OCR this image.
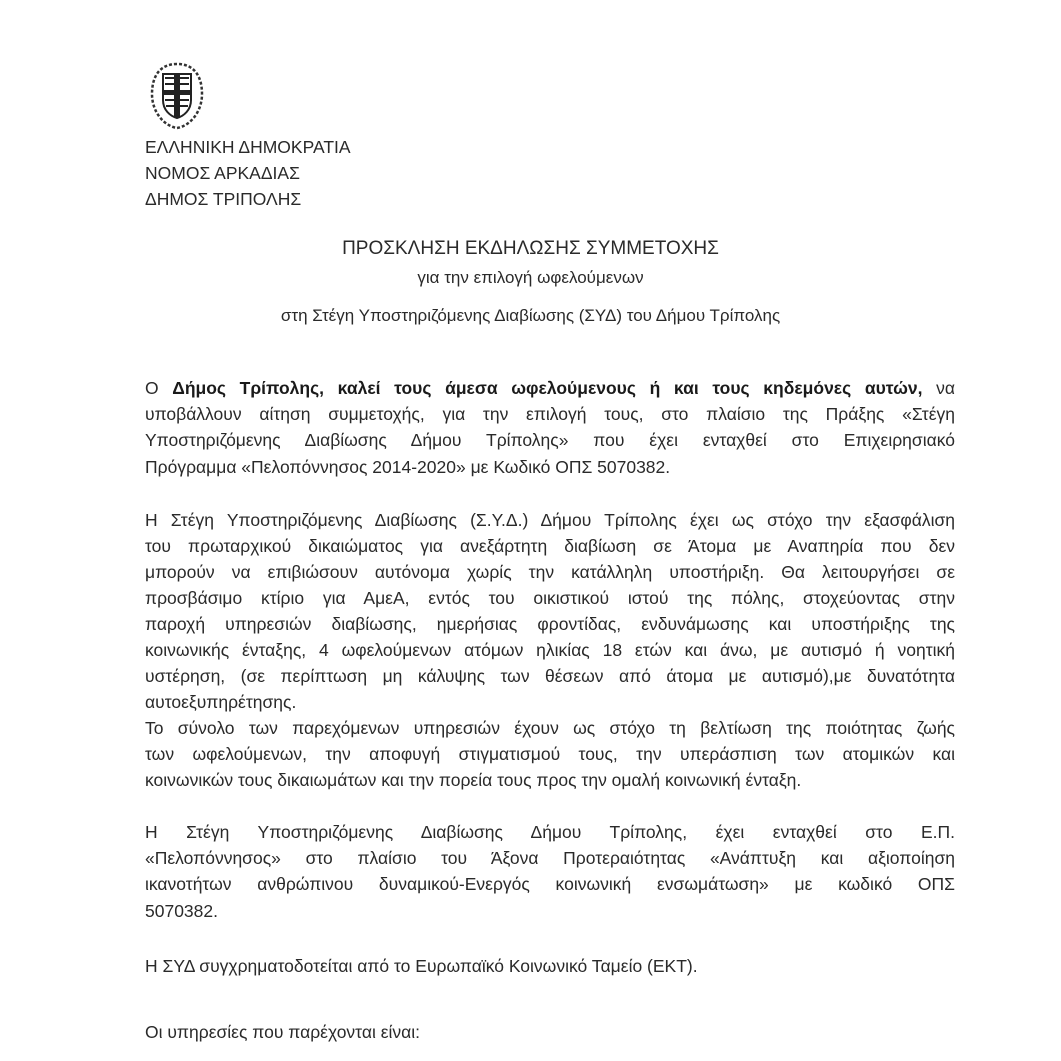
ΕΛΛΗΝΙΚΗ ΔΗΜΟΚΡΑΤΙΑ
ΝΟΜΟΣ ΑΡΚΑΔΙΑΣ
ΔΗΜΟΣ ΤΡΙΠΟΛΗΣ
ΠΡΟΣΚΛΗΣΗ ΕΚΔΗΛΩΣΗΣ ΣΥΜΜΕΤΟΧΗΣ
για την επιλογή ωφελούμενων
στη Στέγη Υποστηριζόμενης Διαβίωσης (ΣΥΔ) του Δήμου Τρίπολης
Ο Δήμος Τρίπολης, καλεί τους άμεσα ωφελούμενους ή και τους κηδεμόνες αυτών, να
υποβάλλουν αίτηση συμμετοχής, για την επιλογή τους, στο πλαίσιο της Πράξης «Στέγη
Υποστηριζόμενης Διαβίωσης Δήμου Τρίπολης» που έχει ενταχθεί στο Επιχειρησιακό
Πρόγραμμα «Πελοπόννησος 2014-2020» με Κωδικό ΟΠΣ 5070382.
Η Στέγη Υποστηριζόμενης Διαβίωσης (Σ.Υ.Δ.) Δήμου Τρίπολης έχει ως στόχο την εξασφάλιση
του πρωταρχικού δικαιώματος για ανεξάρτητη διαβίωση σε Άτομα με Αναπηρία που δεν
μπορούν να επιβιώσουν αυτόνομα χωρίς την κατάλληλη υποστήριξη. Θα λειτουργήσει σε
προσβάσιμο κτίριο για ΑμεΑ, εντός του οικιστικού ιστού της πόλης, στοχεύοντας στην
παροχή υπηρεσιών διαβίωσης, ημερήσιας φροντίδας, ενδυνάμωσης και υποστήριξης της
κοινωνικής ένταξης, 4 ωφελούμενων ατόμων ηλικίας 18 ετών και άνω, με αυτισμό ή νοητική
υστέρηση, (σε περίπτωση μη κάλυψης των θέσεων από άτομα με αυτισμό),με δυνατότητα
αυτοεξυπηρέτησης.
Το σύνολο των παρεχόμενων υπηρεσιών έχουν ως στόχο τη βελτίωση της ποιότητας ζωής
των ωφελούμενων, την αποφυγή στιγματισμού τους, την υπεράσπιση των ατομικών και
κοινωνικών τους δικαιωμάτων και την πορεία τους προς την ομαλή κοινωνική ένταξη.
Η Στέγη Υποστηριζόμενης Διαβίωσης Δήμου Τρίπολης, έχει ενταχθεί στο Ε.Π.
«Πελοπόννησος» στο πλαίσιο του Άξονα Προτεραιότητας «Ανάπτυξη και αξιοποίηση
ικανοτήτων ανθρώπινου δυναμικού-Ενεργός κοινωνική ενσωμάτωση» με κωδικό ΟΠΣ
5070382.
Η ΣΥΔ συγχρηματοδοτείται από το Ευρωπαϊκό Κοινωνικό Ταμείο (ΕΚΤ).
Οι υπηρεσίες που παρέχονται είναι:
